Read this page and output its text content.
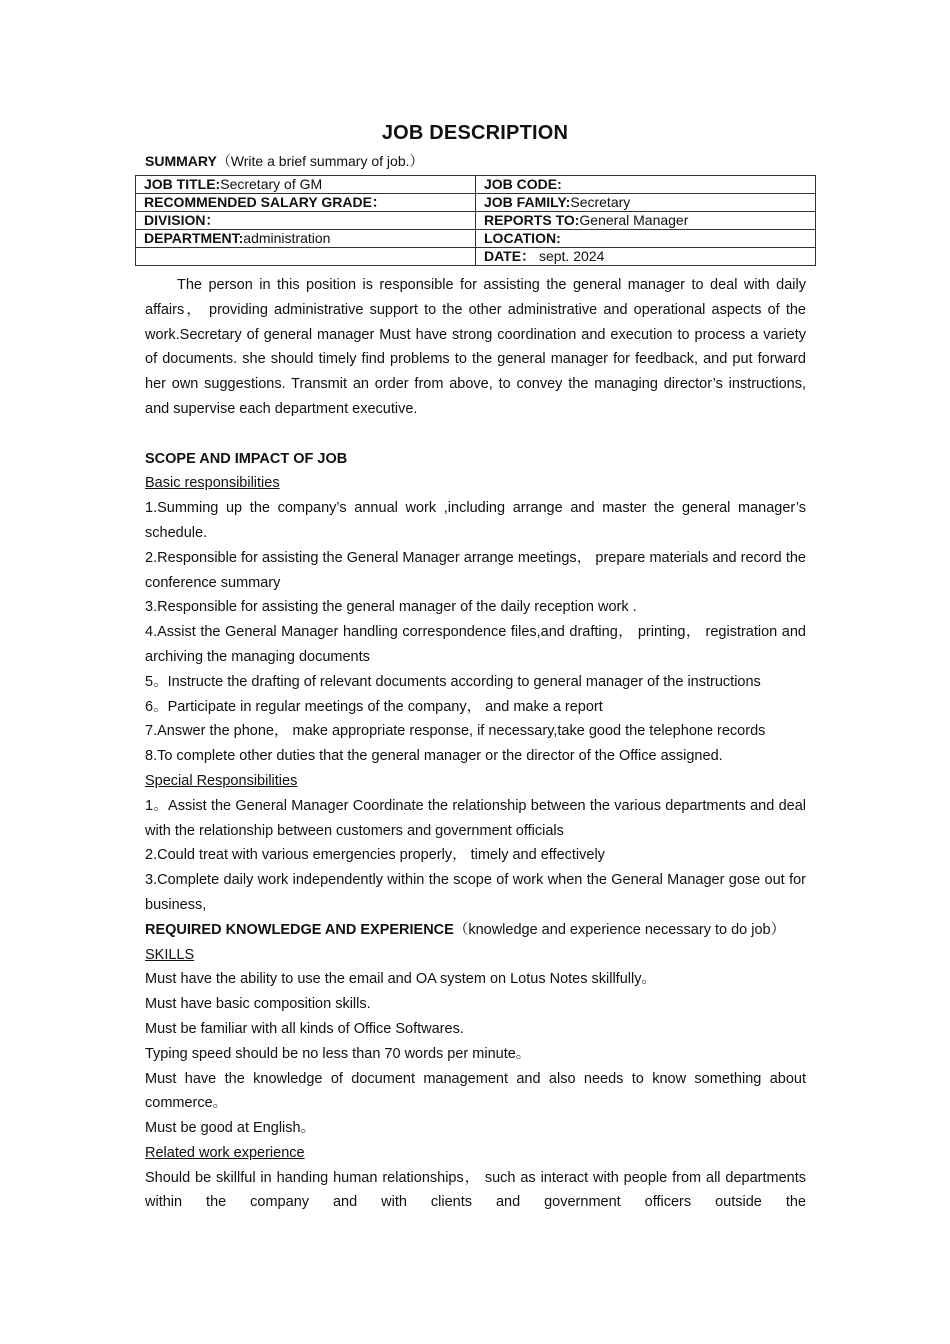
JOB DESCRIPTION
SUMMARY（Write a brief summary of job.）
JOB TITLE:Secretary of GM	JOB CODE:
RECOMMENDED SALARY GRADE：	JOB FAMILY:Secretary
DIVISION：	REPORTS TO:General Manager
DEPARTMENT:administration	LOCATION:
	DATE： sept. 2024

The person in this position is responsible for assisting the general manager to deal with daily affairs， providing administrative support to the other administrative and operational aspects of the work.Secretary of general manager Must have strong coordination and execution to process a variety of documents. she should timely find problems to the general manager for feedback, and put forward her own suggestions. Transmit an order from above, to convey the managing director’s instructions, and supervise each department executive.

SCOPE AND IMPACT OF JOB

Basic responsibilities

1.Summing up the company’s annual work ,including arrange and master the general manager’s schedule.

2.Responsible for assisting the General Manager arrange meetings， prepare materials and record the conference summary

3.Responsible for assisting the general manager of the daily reception work .

4.Assist the General Manager handling correspondence files,and drafting， printing， registration and archiving the managing documents

5。Instructe the drafting of relevant documents according to general manager of the instructions

6。Participate in regular meetings of the company， and make a report

7.Answer the phone， make appropriate response, if necessary,take good the telephone records

8.To complete other duties that the general manager or the director of the Office assigned.

Special Responsibilities

1。Assist the General Manager Coordinate the relationship between the various departments and deal with the relationship between customers and government officials

2.Could treat with various emergencies properly， timely and effectively

3.Complete daily work independently within the scope of work when the General Manager gose out for business,

REQUIRED KNOWLEDGE AND EXPERIENCE（knowledge and experience necessary to do job）

SKILLS

Must have the ability to use the email and OA system on Lotus Notes skillfully。

Must have basic composition skills.

Must be familiar with all kinds of Office Softwares.

Typing speed should be no less than 70 words per minute。

Must have the knowledge of document management and also needs to know something about commerce。

Must be good at English。

Related work experience

Should be skillful in handing human relationships， such as interact with people from all departments within the company and with clients and government officers outside the
